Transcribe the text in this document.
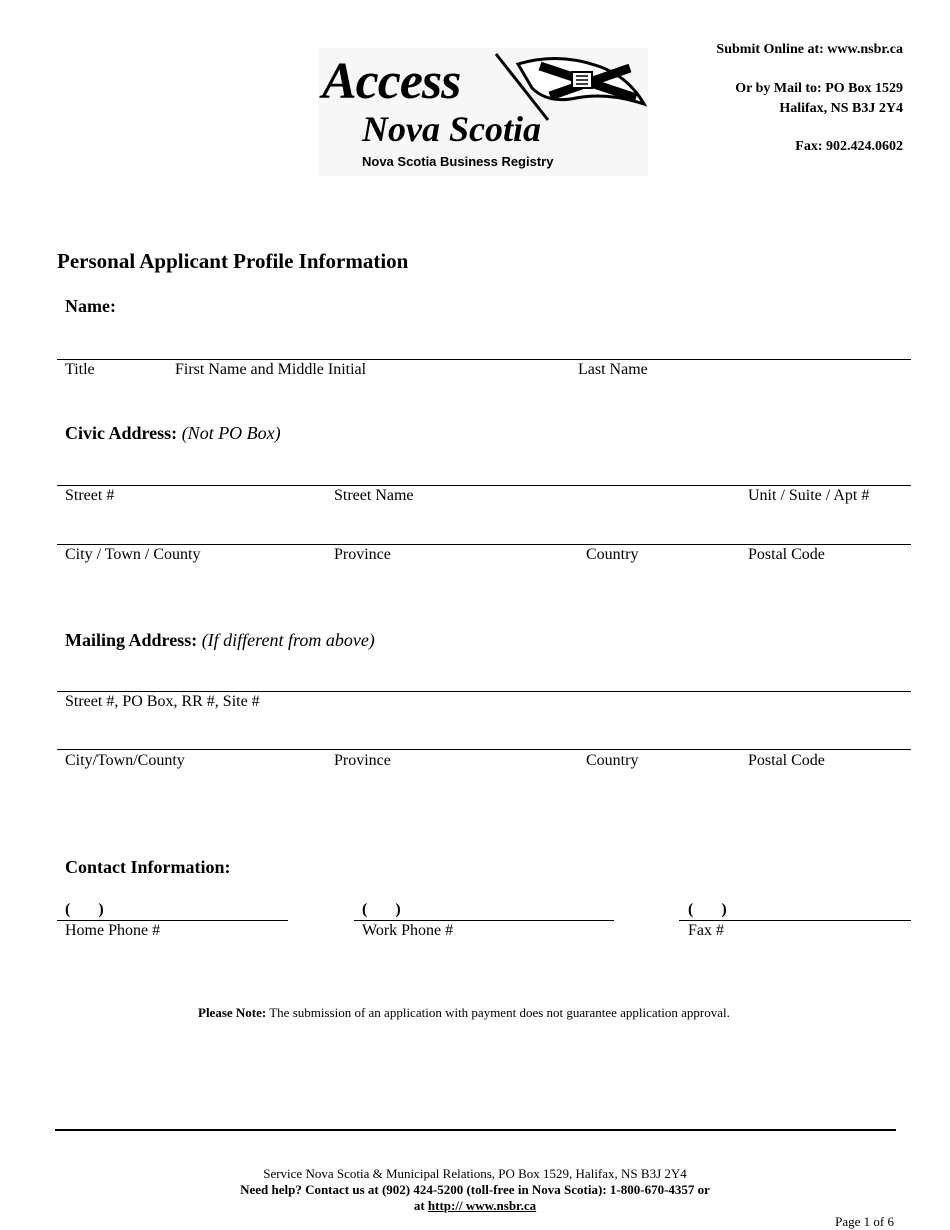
Submit Online at: www.nsbr.ca
Or by Mail to: PO Box 1529
Halifax, NS B3J 2Y4
Fax: 902.424.0602
Access
Nova Scotia
Nova Scotia Business Registry
Personal Applicant Profile Information
Name:
Title	First Name and Middle Initial	Last Name
Civic Address: (Not PO Box)
Street #	Street Name	Unit / Suite / Apt #
City / Town / County	Province	Country	Postal Code
Mailing Address: (If different from above)
Street #, PO Box, RR #, Site #
City/Town/County	Province	Country	Postal Code
Contact Information:
(       )
Home Phone #
(       )
Work Phone #
(       )
Fax #
Please Note: The submission of an application with payment does not guarantee application approval.
Service Nova Scotia & Municipal Relations, PO Box 1529, Halifax, NS B3J 2Y4
Need help? Contact us at (902) 424-5200 (toll-free in Nova Scotia): 1-800-670-4357 or
at http:// www.nsbr.ca
Page 1 of 6
